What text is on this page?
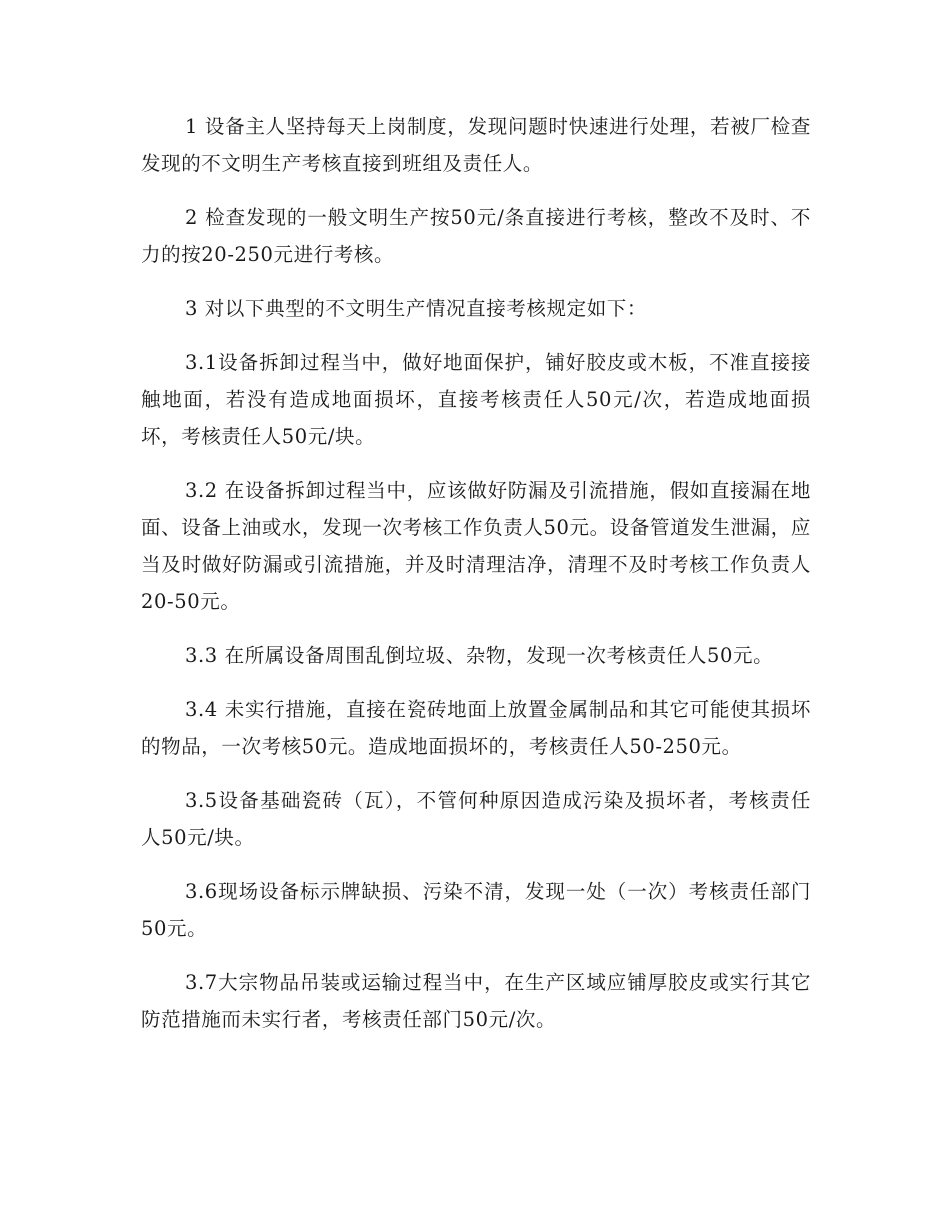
1 设备主人坚持每天上岗制度，发现问题时快速进行处理，若被厂检查发现的不文明生产考核直接到班组及责任人。

2 检查发现的一般文明生产按50元/条直接进行考核，整改不及时、不力的按20-250元进行考核。

3 对以下典型的不文明生产情况直接考核规定如下：

3.1设备拆卸过程当中，做好地面保护，铺好胶皮或木板，不准直接接触地面，若没有造成地面损坏，直接考核责任人50元/次，若造成地面损坏，考核责任人50元/块。

3.2 在设备拆卸过程当中，应该做好防漏及引流措施，假如直接漏在地面、设备上油或水，发现一次考核工作负责人50元。设备管道发生泄漏，应当及时做好防漏或引流措施，并及时清理洁净，清理不及时考核工作负责人20-50元。

3.3 在所属设备周围乱倒垃圾、杂物，发现一次考核责任人50元。

3.4 未实行措施，直接在瓷砖地面上放置金属制品和其它可能使其损坏的物品，一次考核50元。造成地面损坏的，考核责任人50-250元。

3.5设备基础瓷砖（瓦），不管何种原因造成污染及损坏者，考核责任人50元/块。

3.6现场设备标示牌缺损、污染不清，发现一处（一次）考核责任部门50元。

3.7大宗物品吊装或运输过程当中，在生产区域应铺厚胶皮或实行其它防范措施而未实行者，考核责任部门50元/次。
